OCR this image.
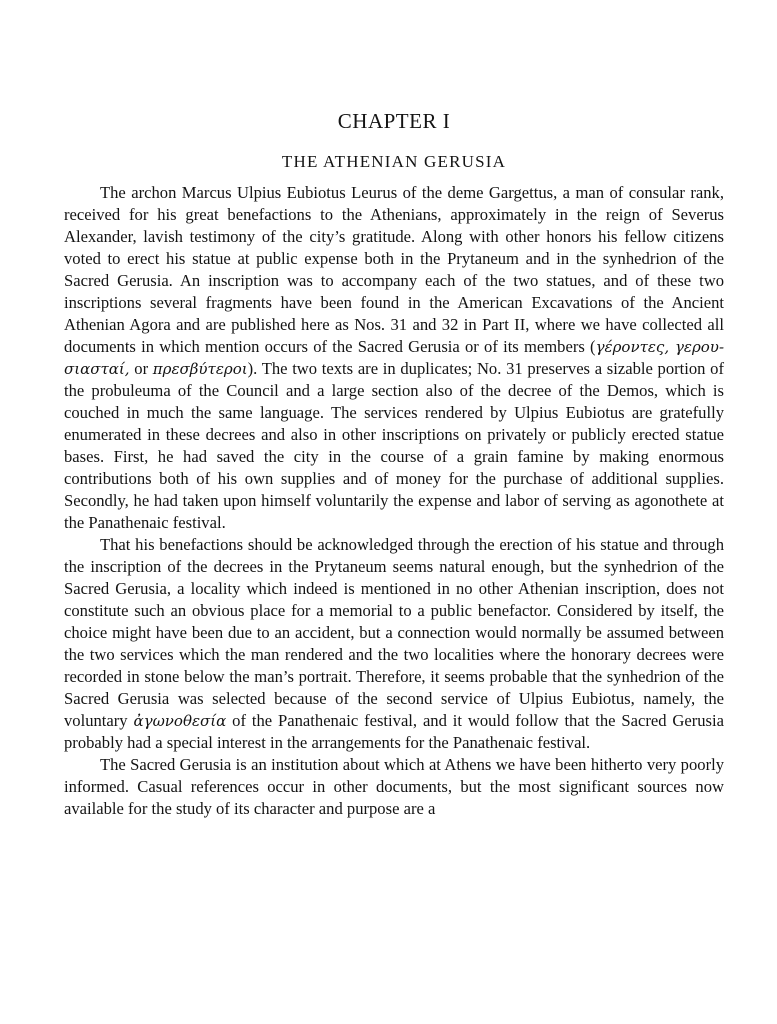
CHAPTER I
THE ATHENIAN GERUSIA

The archon Marcus Ulpius Eubiotus Leurus of the deme Gargettus, a man of consular rank, received for his great benefactions to the Athenians, approximately in the reign of Severus Alexander, lavish testimony of the city’s gratitude. Along with other honors his fellow citizens voted to erect his statue at public expense both in the Prytaneum and in the synhedrion of the Sacred Gerusia. An inscription was to accompany each of the two statues, and of these two inscriptions several fragments have been found in the American Excavations of the Ancient Athenian Agora and are published here as Nos. 31 and 32 in Part II, where we have collected all documents in which mention occurs of the Sacred Gerusia or of its members (γέροντες, γερουσιασταί, or πρεσβύτεροι). The two texts are in duplicates; No. 31 preserves a sizable portion of the probuleuma of the Council and a large section also of the decree of the Demos, which is couched in much the same language. The services rendered by Ulpius Eubiotus are gratefully enumerated in these decrees and also in other inscriptions on privately or publicly erected statue bases. First, he had saved the city in the course of a grain famine by making enormous contributions both of his own supplies and of money for the purchase of additional supplies. Secondly, he had taken upon himself voluntarily the expense and labor of serving as agonothete at the Panathenaic festival.

That his benefactions should be acknowledged through the erection of his statue and through the inscription of the decrees in the Prytaneum seems natural enough, but the synhedrion of the Sacred Gerusia, a locality which indeed is mentioned in no other Athenian inscription, does not constitute such an obvious place for a memorial to a public benefactor. Considered by itself, the choice might have been due to an accident, but a connection would normally be assumed between the two services which the man rendered and the two localities where the honorary decrees were recorded in stone below the man’s portrait. Therefore, it seems probable that the synhedrion of the Sacred Gerusia was selected because of the second service of Ulpius Eubiotus, namely, the voluntary ἀγωνοθεσία of the Panathenaic festival, and it would follow that the Sacred Gerusia probably had a special interest in the arrangements for the Panathenaic festival.

The Sacred Gerusia is an institution about which at Athens we have been hitherto very poorly informed. Casual references occur in other documents, but the most significant sources now available for the study of its character and purpose are a
